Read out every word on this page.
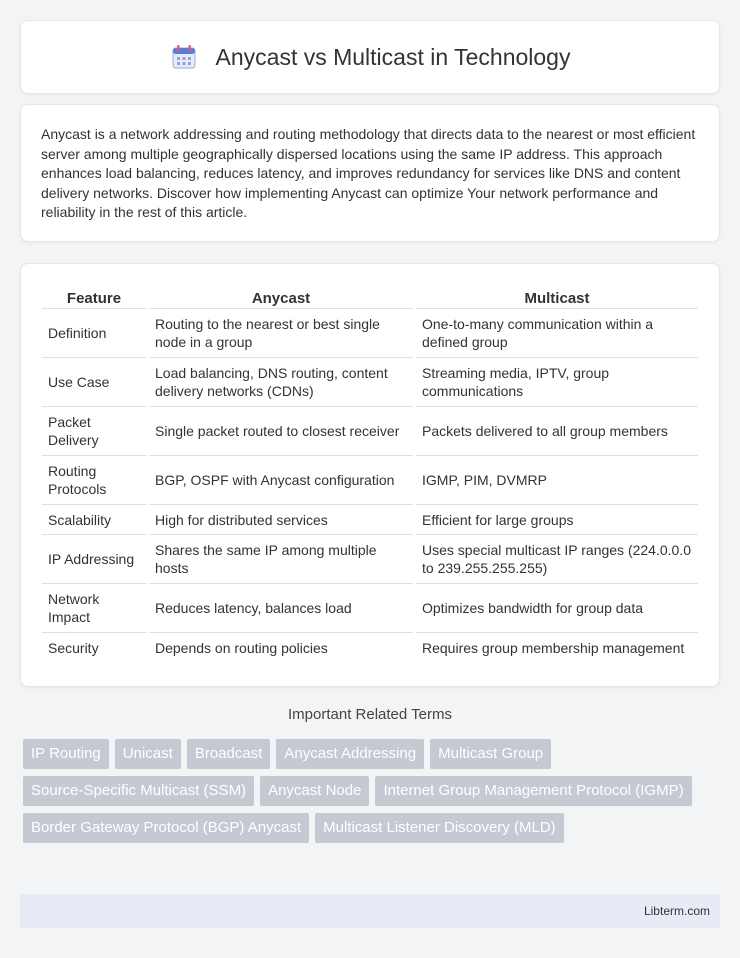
Anycast vs Multicast in Technology

Anycast is a network addressing and routing methodology that directs data to the nearest or most efficient server among multiple geographically dispersed locations using the same IP address. This approach enhances load balancing, reduces latency, and improves redundancy for services like DNS and content delivery networks. Discover how implementing Anycast can optimize Your network performance and reliability in the rest of this article.

Feature	Anycast	Multicast
Definition	Routing to the nearest or best single node in a group	One-to-many communication within a defined group
Use Case	Load balancing, DNS routing, content delivery networks (CDNs)	Streaming media, IPTV, group communications
Packet Delivery	Single packet routed to closest receiver	Packets delivered to all group members
Routing Protocols	BGP, OSPF with Anycast configuration	IGMP, PIM, DVMRP
Scalability	High for distributed services	Efficient for large groups
IP Addressing	Shares the same IP among multiple hosts	Uses special multicast IP ranges (224.0.0.0 to 239.255.255.255)
Network Impact	Reduces latency, balances load	Optimizes bandwidth for group data
Security	Depends on routing policies	Requires group membership management
Important Related Terms
IP Routing	Unicast	Broadcast	Anycast Addressing	Multicast Group
Source-Specific Multicast (SSM)	Anycast Node	Internet Group Management Protocol (IGMP)
Border Gateway Protocol (BGP) Anycast	Multicast Listener Discovery (MLD)
Libterm.com
